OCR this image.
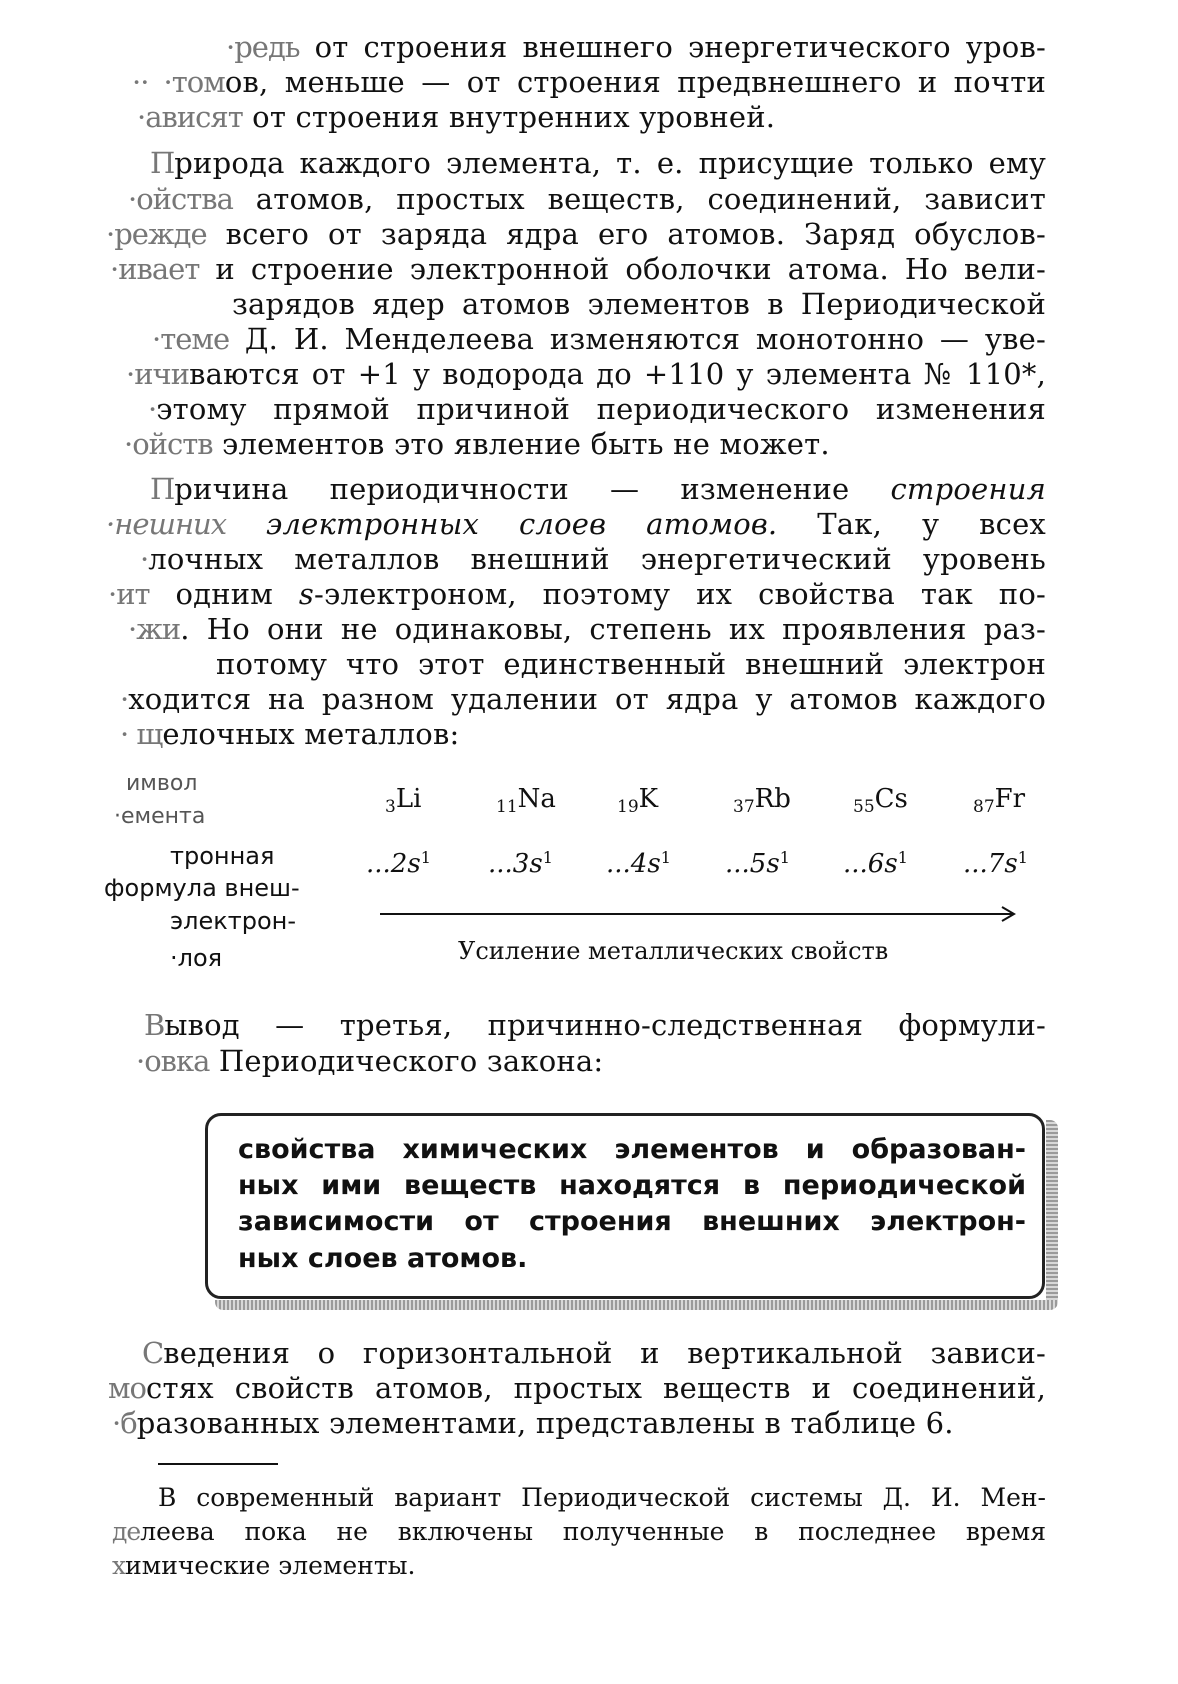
·редь от строения внешнего энергетического уров-
·· ·томов, меньше — от строения предвнешнего и почти
·ависят от строения внутренних уровней.
Природа каждого элемента, т. е. присущие только ему
·ойства атомов, простых веществ, соединений, зависит
·режде всего от заряда ядра его атомов. Заряд обуслов-
·ивает и строение электронной оболочки атома. Но вели-
зарядов ядер атомов элементов в Периодической
·теме Д. И. Менделеева изменяются монотонно — уве-
·ичиваются от +1 у водорода до +110 у элемента № 110*,
·этому прямой причиной периодического изменения
·ойств элементов это явление быть не может.
Причина периодичности — изменение строения
·нешних электронных слоев атомов. Так, у всех
·лочных металлов внешний энергетический уровень
·ит одним s-электроном, поэтому их свойства так по-
·жи. Но они не одинаковы, степень их проявления раз-
потому что этот единственный внешний электрон
·ходится на разном удалении от ядра у атомов каждого
· щелочных металлов:
имвол
·емента	$_3$Li	$_{11}$Na	$_{19}$K	$_{37}$Rb	$_{55}$Cs	$_{87}$Fr
тронная
формула внеш-
электрон-
·лоя
$...2s^1$ $...3s^1$ $...4s^1$ $...5s^1$ $...6s^1$ $...7s^1$
Усиление металлических свойств
Вывод — третья, причинно-следственная формули-
·овка Периодического закона:
свойства химических элементов и образован-
ных ими веществ находятся в периодической
зависимости от строения внешних электрон-
ных слоев атомов.
Сведения о горизонтальной и вертикальной зависи-
мостях свойств атомов, простых веществ и соединений,
·бразованных элементами, представлены в таблице 6.
В современный вариант Периодической системы Д. И. Мен-
делеева пока не включены полученные в последнее время
химические элементы.
